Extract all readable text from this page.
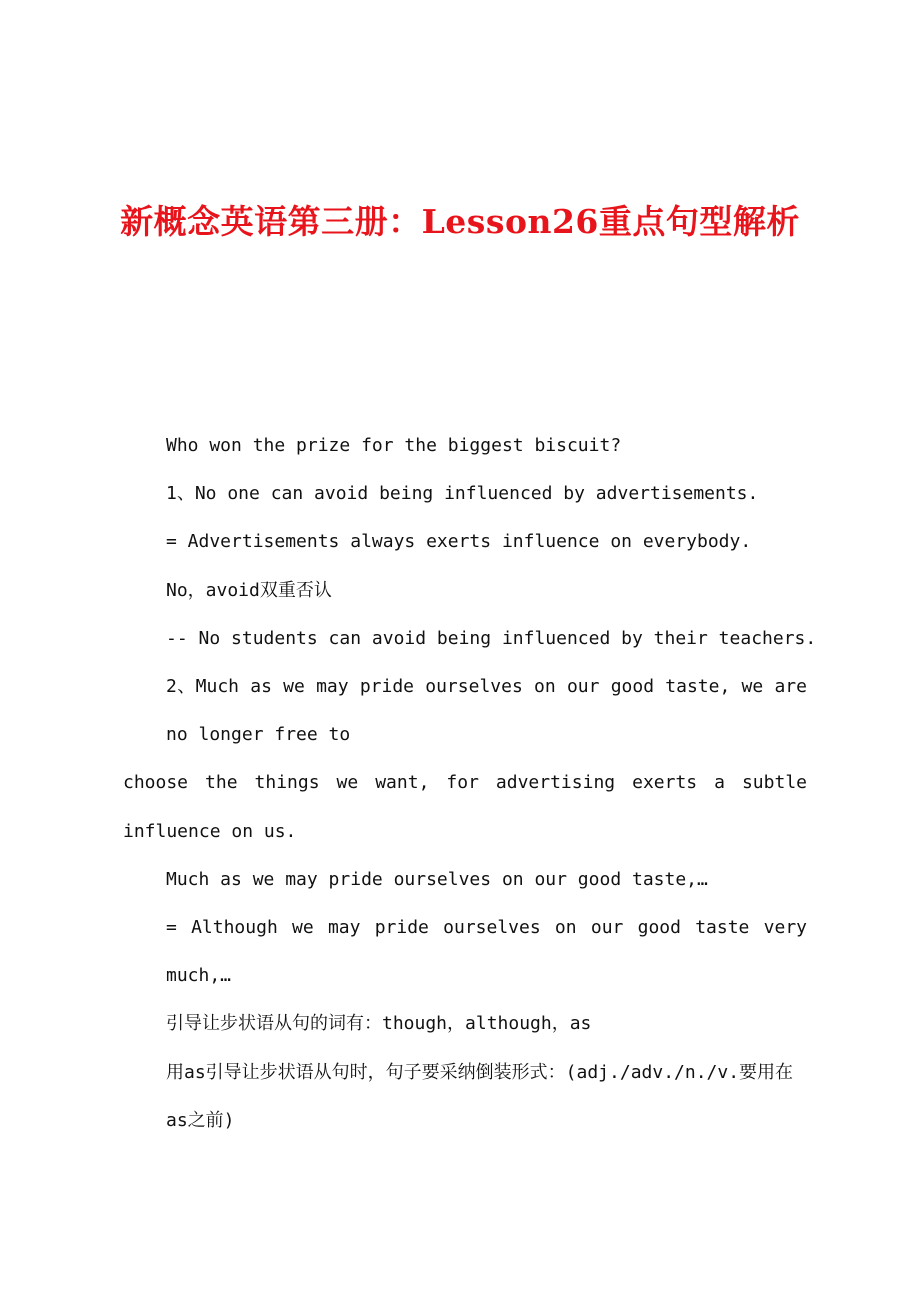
新概念英语第三册：Lesson26重点句型解析

Who won the prize for the biggest biscuit?

1、No one can avoid being influenced by advertisements.

= Advertisements always exerts influence on everybody.

No，avoid双重否认

-- No students can avoid being influenced by their teachers.

2、Much as we may pride ourselves on our good taste, we are no longer free to

choose the things we want, for advertising exerts a subtle influence on us.

Much as we may pride ourselves on our good taste,…

= Although we may pride ourselves on our good taste very much,…

引导让步状语从句的词有：though，although，as

用as引导让步状语从句时，句子要采纳倒装形式：(adj./adv./n./v.要用在as之前)
